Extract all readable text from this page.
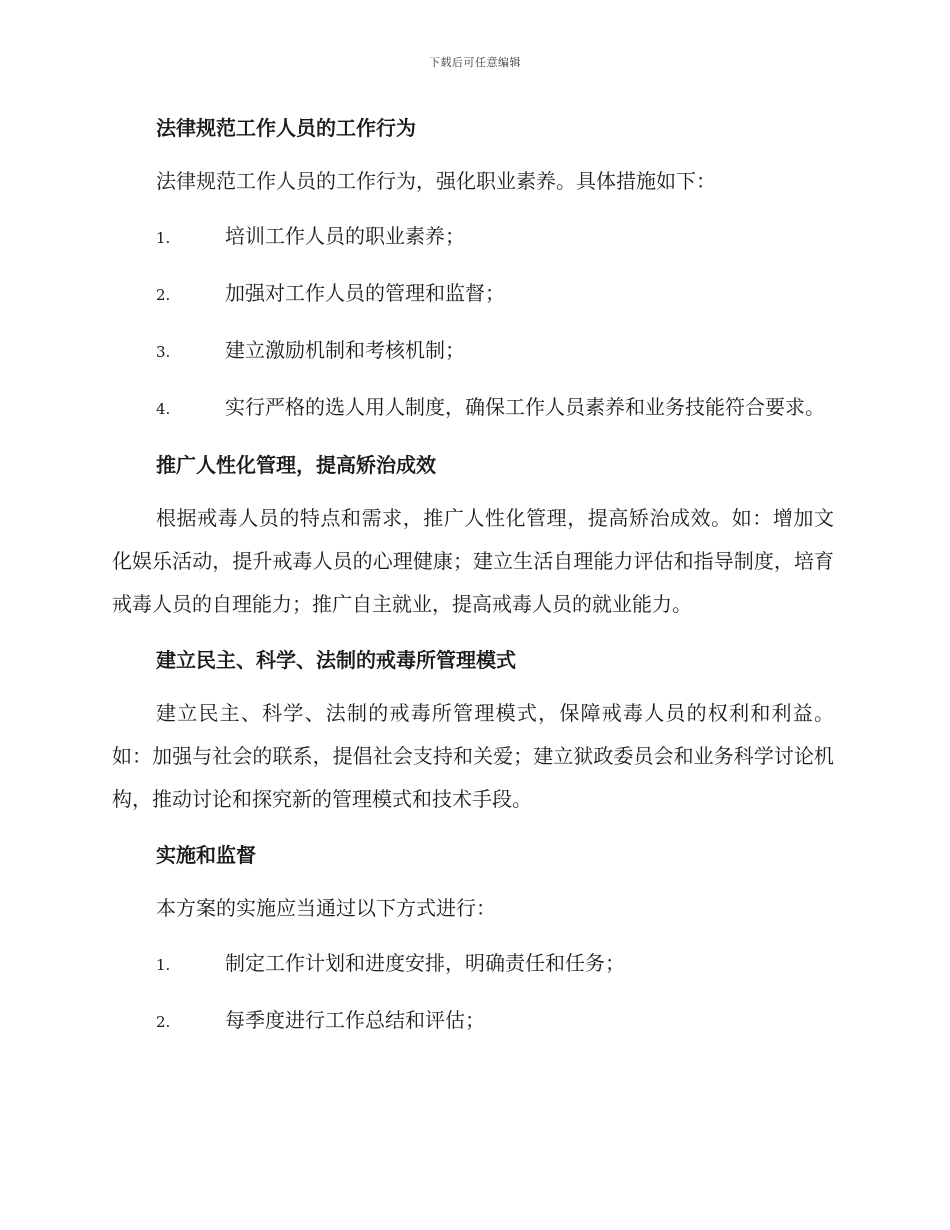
下载后可任意编辑
法律规范工作人员的工作行为

法律规范工作人员的工作行为，强化职业素养。具体措施如下：

1.	培训工作人员的职业素养；

2.	加强对工作人员的管理和监督；

3.	建立激励机制和考核机制；

4.	实行严格的选人用人制度，确保工作人员素养和业务技能符合要求。

推广人性化管理，提高矫治成效

根据戒毒人员的特点和需求，推广人性化管理，提高矫治成效。如：增加文化娱乐活动，提升戒毒人员的心理健康；建立生活自理能力评估和指导制度，培育戒毒人员的自理能力；推广自主就业，提高戒毒人员的就业能力。

建立民主、科学、法制的戒毒所管理模式

建立民主、科学、法制的戒毒所管理模式，保障戒毒人员的权利和利益。如：加强与社会的联系，提倡社会支持和关爱；建立狱政委员会和业务科学讨论机构，推动讨论和探究新的管理模式和技术手段。

实施和监督

本方案的实施应当通过以下方式进行：

1.	制定工作计划和进度安排，明确责任和任务；

2.	每季度进行工作总结和评估；
